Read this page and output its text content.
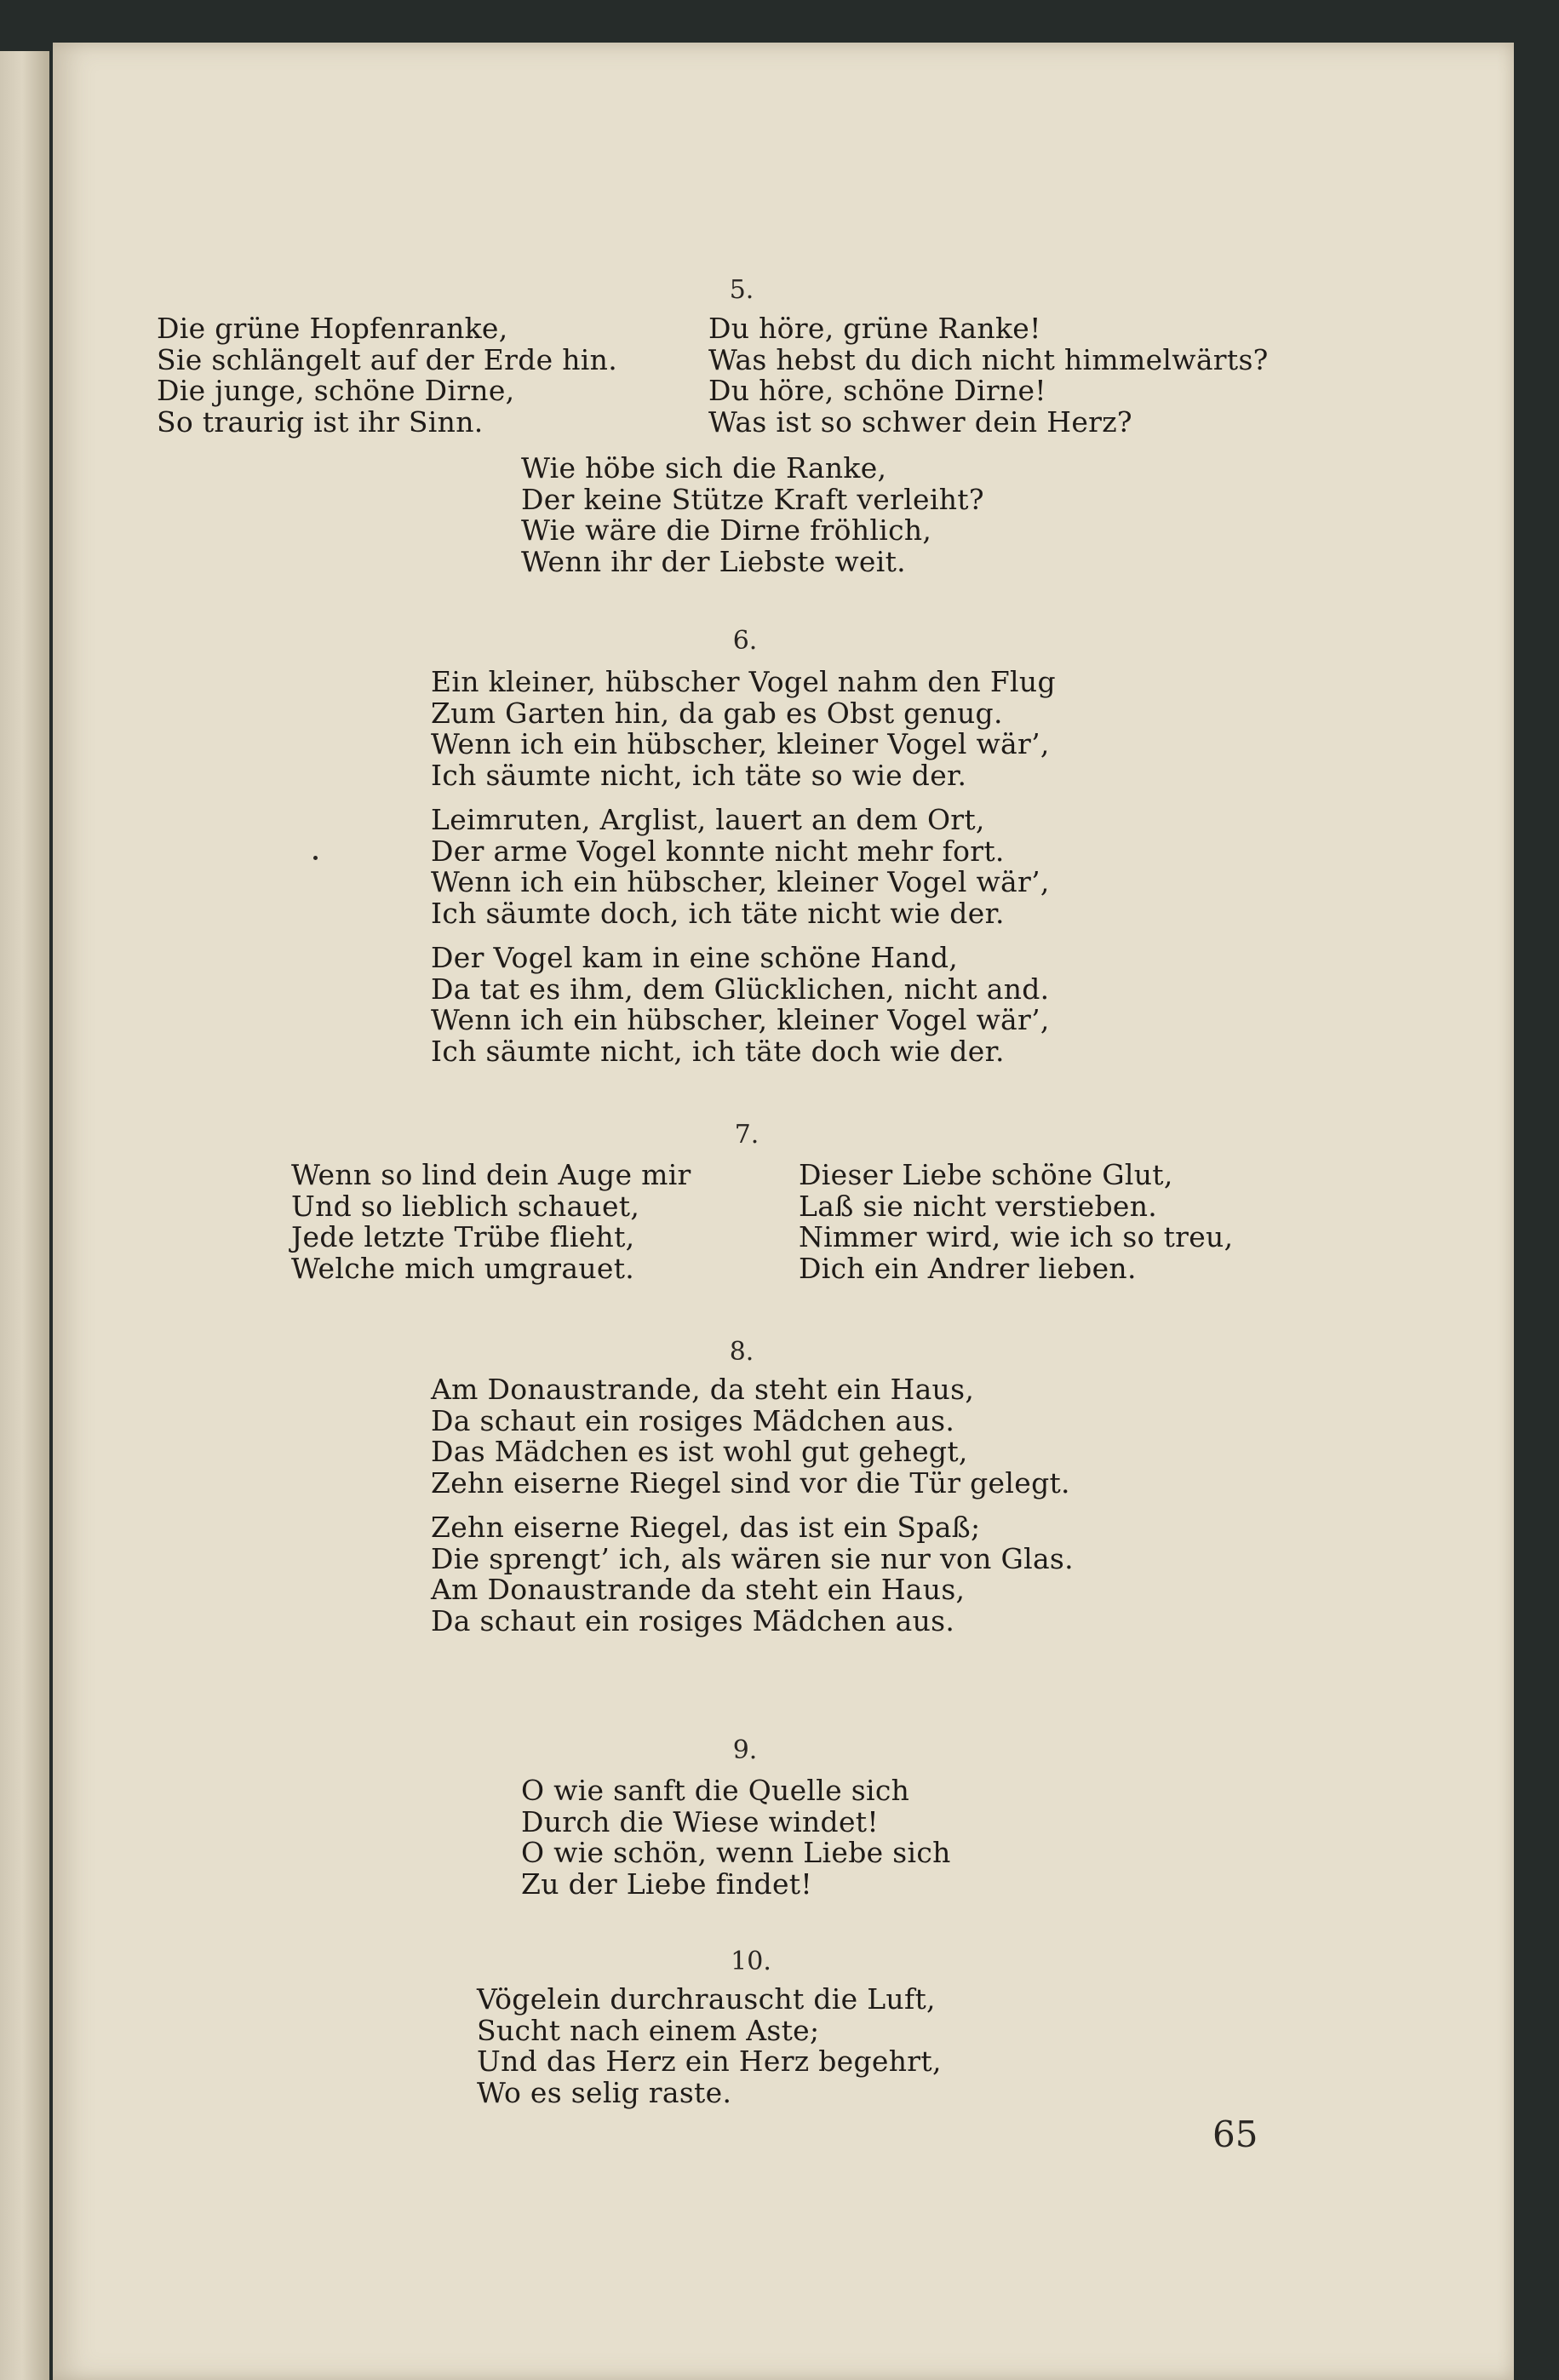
5.
Die grüne Hopfenranke,
Sie schlängelt auf der Erde hin.
Die junge, schöne Dirne,
So traurig ist ihr Sinn.
Du höre, grüne Ranke!
Was hebst du dich nicht himmelwärts?
Du höre, schöne Dirne!
Was ist so schwer dein Herz?
Wie höbe sich die Ranke,
Der keine Stütze Kraft verleiht?
Wie wäre die Dirne fröhlich,
Wenn ihr der Liebste weit.
6.
Ein kleiner, hübscher Vogel nahm den Flug
Zum Garten hin, da gab es Obst genug.
Wenn ich ein hübscher, kleiner Vogel wär’,
Ich säumte nicht, ich täte so wie der.
Leimruten, Arglist, lauert an dem Ort,
Der arme Vogel konnte nicht mehr fort.
Wenn ich ein hübscher, kleiner Vogel wär’,
Ich säumte doch, ich täte nicht wie der.
Der Vogel kam in eine schöne Hand,
Da tat es ihm, dem Glücklichen, nicht and.
Wenn ich ein hübscher, kleiner Vogel wär’,
Ich säumte nicht, ich täte doch wie der.
7.
Wenn so lind dein Auge mir
Und so lieblich schauet,
Jede letzte Trübe flieht,
Welche mich umgrauet.
Dieser Liebe schöne Glut,
Laß sie nicht verstieben.
Nimmer wird, wie ich so treu,
Dich ein Andrer lieben.
8.
Am Donaustrande, da steht ein Haus,
Da schaut ein rosiges Mädchen aus.
Das Mädchen es ist wohl gut gehegt,
Zehn eiserne Riegel sind vor die Tür gelegt.
Zehn eiserne Riegel, das ist ein Spaß;
Die sprengt’ ich, als wären sie nur von Glas.
Am Donaustrande da steht ein Haus,
Da schaut ein rosiges Mädchen aus.
9.
O wie sanft die Quelle sich
Durch die Wiese windet!
O wie schön, wenn Liebe sich
Zu der Liebe findet!
10.
Vögelein durchrauscht die Luft,
Sucht nach einem Aste;
Und das Herz ein Herz begehrt,
Wo es selig raste.
65
